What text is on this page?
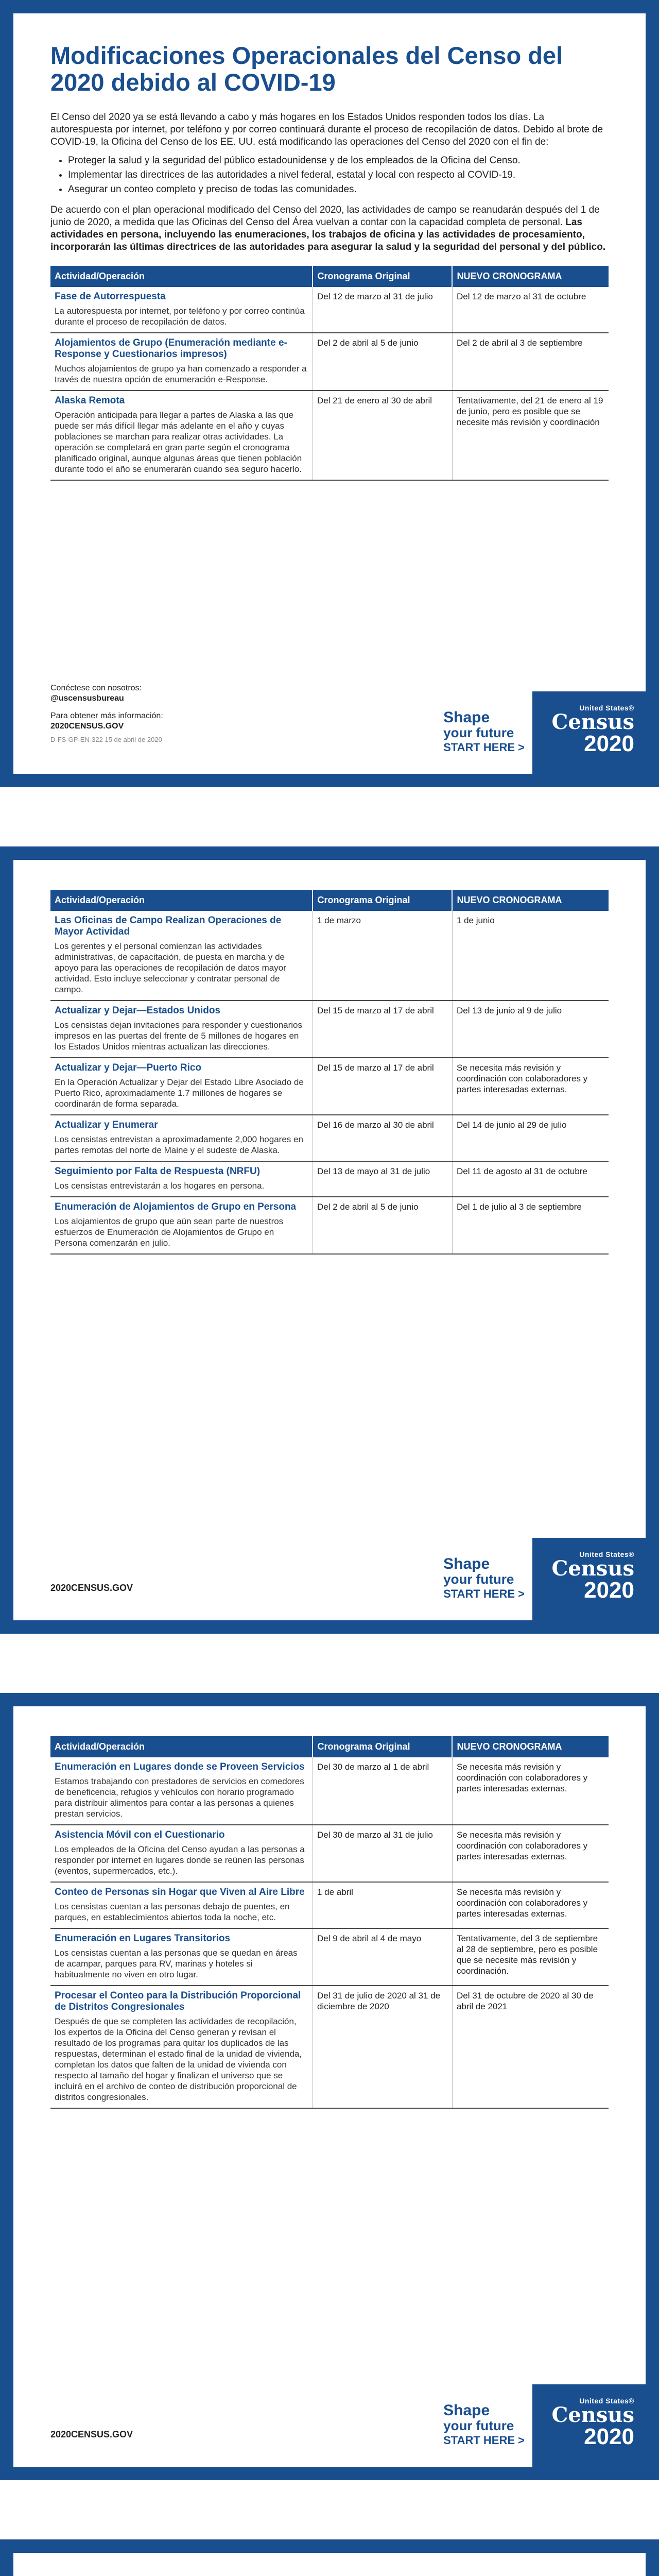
Modificaciones Operacionales del Censo del 2020 debido al COVID-19

El Censo del 2020 ya se está llevando a cabo y más hogares en los Estados Unidos responden todos los días. La autorespuesta por internet, por teléfono y por correo continuará durante el proceso de recopilación de datos. Debido al brote de COVID-19, la Oficina del Censo de los EE. UU. está modificando las operaciones del Censo del 2020 con el fin de:

• Proteger la salud y la seguridad del público estadounidense y de los empleados de la Oficina del Censo.
• Implementar las directrices de las autoridades a nivel federal, estatal y local con respecto al COVID-19.
• Asegurar un conteo completo y preciso de todas las comunidades.

De acuerdo con el plan operacional modificado del Censo del 2020, las actividades de campo se reanudarán después del 1 de junio de 2020, a medida que las Oficinas del Censo del Área vuelvan a contar con la capacidad completa de personal. Las actividades en persona, incluyendo las enumeraciones, los trabajos de oficina y las actividades de procesamiento, incorporarán las últimas directrices de las autoridades para asegurar la salud y la seguridad del personal y del público.

Actividad/Operación	Cronograma Original	NUEVO CRONOGRAMA

Fase de Autorrespuesta
La autorespuesta por internet, por teléfono y por correo continúa durante el proceso de recopilación de datos.	Del 12 de marzo al 31 de julio	Del 12 de marzo al 31 de octubre

Alojamientos de Grupo (Enumeración mediante e-Response y Cuestionarios impresos)
Muchos alojamientos de grupo ya han comenzado a responder a través de nuestra opción de enumeración e-Response.	Del 2 de abril al 5 de junio	Del 2 de abril al 3 de septiembre

Alaska Remota
Operación anticipada para llegar a partes de Alaska a las que puede ser más difícil llegar más adelante en el año y cuyas poblaciones se marchan para realizar otras actividades. La operación se completará en gran parte según el cronograma planificado original, aunque algunas áreas que tienen población durante todo el año se enumerarán cuando sea seguro hacerlo.	Del 21 de enero al 30 de abril	Tentativamente, del 21 de enero al 19 de junio, pero es posible que se necesite más revisión y coordinación

Conéctese con nosotros:

@uscensusbureau

Para obtener más información:

2020CENSUS.GOV

D-FS-GP-EN-322 15 de abril de 2020

Shape
your future
START HERE >
United States®
Census
2020
Actividad/Operación	Cronograma Original	NUEVO CRONOGRAMA

Las Oficinas de Campo Realizan Operaciones de Mayor Actividad
Los gerentes y el personal comienzan las actividades administrativas, de capacitación, de puesta en marcha y de apoyo para las operaciones de recopilación de datos mayor actividad. Esto incluye seleccionar y contratar personal de campo.	1 de marzo	1 de junio

Actualizar y Dejar—Estados Unidos
Los censistas dejan invitaciones para responder y cuestionarios impresos en las puertas del frente de 5 millones de hogares en los Estados Unidos mientras actualizan las direcciones.	Del 15 de marzo al 17 de abril	Del 13 de junio al 9 de julio

Actualizar y Dejar—Puerto Rico
En la Operación Actualizar y Dejar del Estado Libre Asociado de Puerto Rico, aproximadamente 1.7 millones de hogares se coordinarán de forma separada.	Del 15 de marzo al 17 de abril	Se necesita más revisión y coordinación con colaboradores y partes interesadas externas.

Actualizar y Enumerar
Los censistas entrevistan a aproximadamente 2,000 hogares en partes remotas del norte de Maine y el sudeste de Alaska.	Del 16 de marzo al 30 de abril	Del 14 de junio al 29 de julio

Seguimiento por Falta de Respuesta (NRFU)
Los censistas entrevistarán a los hogares en persona.	Del 13 de mayo al 31 de julio	Del 11 de agosto al 31 de octubre

Enumeración de Alojamientos de Grupo en Persona
Los alojamientos de grupo que aún sean parte de nuestros esfuerzos de Enumeración de Alojamientos de Grupo en Persona comenzarán en julio.	Del 2 de abril al 5 de junio	Del 1 de julio al 3 de septiembre
2020CENSUS.GOV
Shape
your future
START HERE >
United States®
Census
2020
Actividad/Operación	Cronograma Original	NUEVO CRONOGRAMA

Enumeración en Lugares donde se Proveen Servicios
Estamos trabajando con prestadores de servicios en comedores de beneficencia, refugios y vehículos con horario programado para distribuir alimentos para contar a las personas a quienes prestan servicios.	Del 30 de marzo al 1 de abril	Se necesita más revisión y coordinación con colaboradores y partes interesadas externas.

Asistencia Móvil con el Cuestionario
Los empleados de la Oficina del Censo ayudan a las personas a responder por internet en lugares donde se reúnen las personas (eventos, supermercados, etc.).	Del 30 de marzo al 31 de julio	Se necesita más revisión y coordinación con colaboradores y partes interesadas externas.

Conteo de Personas sin Hogar que Viven al Aire Libre
Los censistas cuentan a las personas debajo de puentes, en parques, en establecimientos abiertos toda la noche, etc.	1 de abril	Se necesita más revisión y coordinación con colaboradores y partes interesadas externas.

Enumeración en Lugares Transitorios
Los censistas cuentan a las personas que se quedan en áreas de acampar, parques para RV, marinas y hoteles si habitualmente no viven en otro lugar.	Del 9 de abril al 4 de mayo	Tentativamente, del 3 de septiembre al 28 de septiembre, pero es posible que se necesite más revisión y coordinación.

Procesar el Conteo para la Distribución Proporcional de Distritos Congresionales
Después de que se completen las actividades de recopilación, los expertos de la Oficina del Censo generan y revisan el resultado de los programas para quitar los duplicados de las respuestas, determinan el estado final de la unidad de vivienda, completan los datos que falten de la unidad de vivienda con respecto al tamaño del hogar y finalizan el universo que se incluirá en el archivo de conteo de distribución proporcional de distritos congresionales.	Del 31 de julio de 2020 al 31 de diciembre de 2020	Del 31 de octubre de 2020 al 30 de abril de 2021
2020CENSUS.GOV
Shape
your future
START HERE >
United States®
Census
2020
